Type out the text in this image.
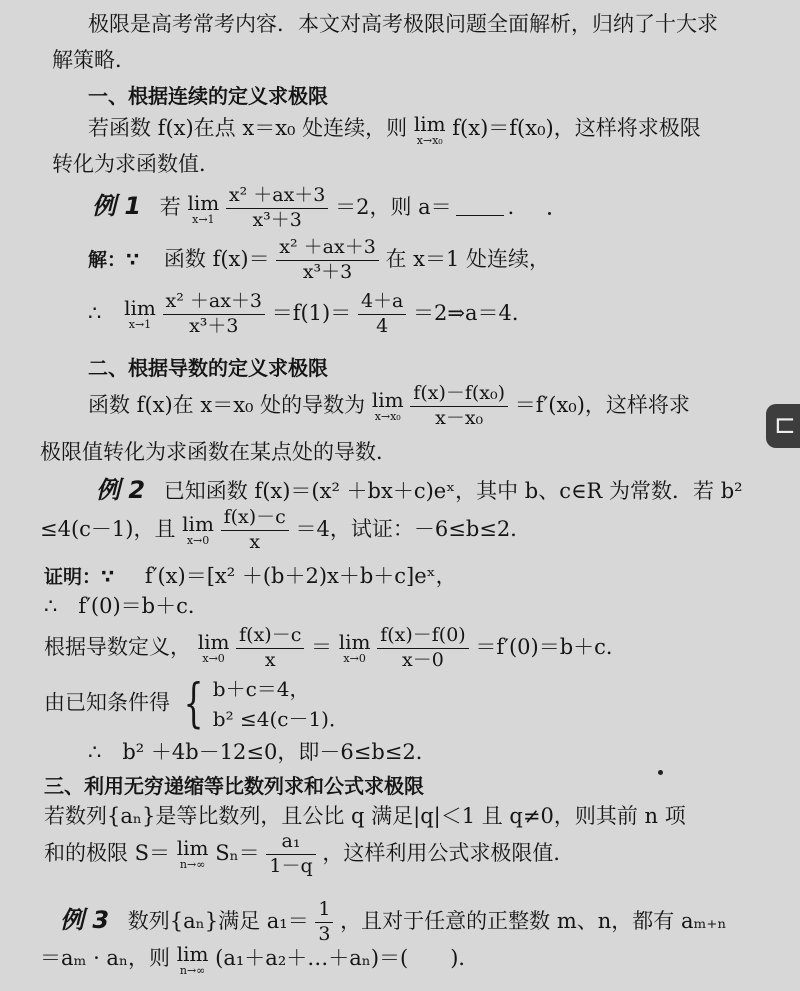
极限是高考常考内容．本文对高考极限问题全面解析，归纳了十大求
解策略．
一、根据连续的定义求极限
若函数 f(x)在点 x＝x₀ 处连续，则 lim
x→x₀ f(x)＝f(x₀)，这样将求极限
转化为求函数值．
例 1 若 lim
x→1
$\frac{\text{x² ＋ax＋3}}{\text{x³＋3}} =2$，则 a＝	．
解：∵ 函数 $f(x)= \frac{\text{x² ＋ax＋3}}{\text{x³＋3}}$ 在 x＝1 处连续，
∴ lim
x→1
$\frac{\text{x² ＋ax＋3}}{\text{x³＋3}} =f(1)= \frac{4+a}{4}$ ＝2⇒a＝4．
二、根据导数的定义求极限
函数 f(x)在 x＝x₀ 处的导数为 lim
x→x₀
$\frac{\text{f(x)－f(x₀)}}{\text{x－x₀}} =f'(x_0)$，这样将求
极限值转化为求函数在某点处的导数．
例 2 已知函数 f(x)＝(x² ＋bx＋c)eˣ，其中 b、c∈R 为常数．若 b²
≤4(c－1)，且 lim
x→0
$\frac{f(x)-c}{x} =4$，试证：－6≤b≤2．
证明：∵ f′(x)＝[x² ＋(b＋2)x＋b＋c]eˣ，
∴　f′(0)＝b＋c．
根据导数定义， lim
x→0
$\frac{f(x)-c}{x} = \lim$
x→0
$\frac{f(x)-f(0)}{x-0} =f'(0)=b+c$．
由已知条件得 { b＋c＝4，
b² ≤4(c－1)．
∴　b² ＋4b－12≤0，即－6≤b≤2．
三、利用无穷递缩等比数列求和公式求极限
若数列{aₙ}是等比数列，且公比 q 满足|q|＜1 且 q≠0，则其前 n 项
和的极限 S＝ lim
n→∞ $S_n= \frac{\text{a₁}}{1-q}$ ，这样利用公式求极限值．
例 3 数列{aₙ}满足 $a_1= \frac{1}{3}$ ，且对于任意的正整数 m、n，都有 aₘ₊ₙ
＝aₘ · aₙ，则 lim
n→∞ (a₁＋a₂＋…＋aₙ)＝(　　)．
⊏
